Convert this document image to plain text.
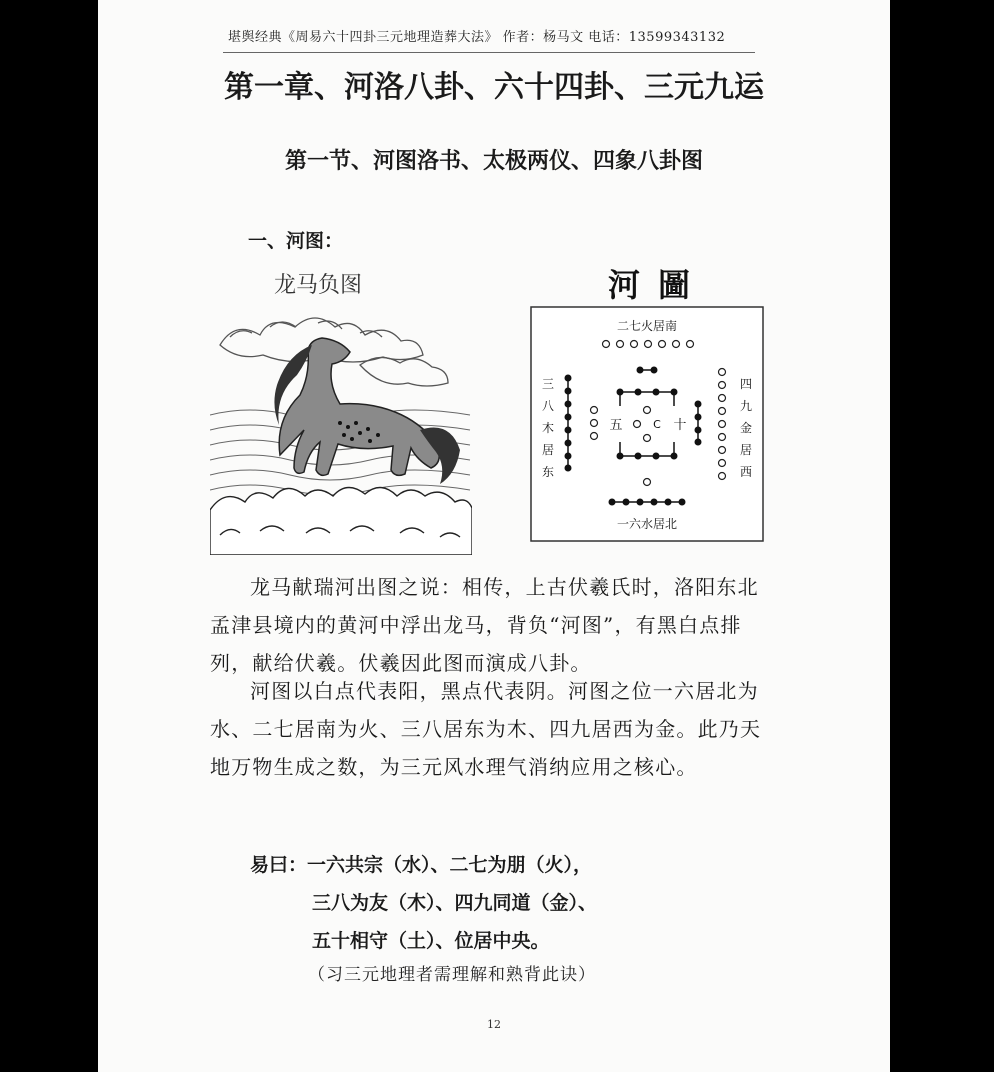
堪舆经典《周易六十四卦三元地理造葬大法》 作者：杨马文 电话：13599343132
第一章、河洛八卦、六十四卦、三元九运
第一节、河图洛书、太极两仪、四象八卦图
一、河图：
龙马负图	河圖
二七火居南
一六水居北
C
五	十
三
八
木
居
东
四
九
金
居
西
龙马献瑞河出图之说：相传，上古伏羲氏时，洛阳东北孟津县境内的黄河中浮出龙马，背负“河图”，有黑白点排列，献给伏羲。伏羲因此图而演成八卦。
河图以白点代表阳，黑点代表阴。河图之位一六居北为水、二七居南为火、三八居东为木、四九居西为金。此乃天地万物生成之数，为三元风水理气消纳应用之核心。
易曰：一六共宗（水）、二七为朋（火），
三八为友（木）、四九同道（金）、
五十相守（土）、位居中央。
（习三元地理者需理解和熟背此诀）
12
